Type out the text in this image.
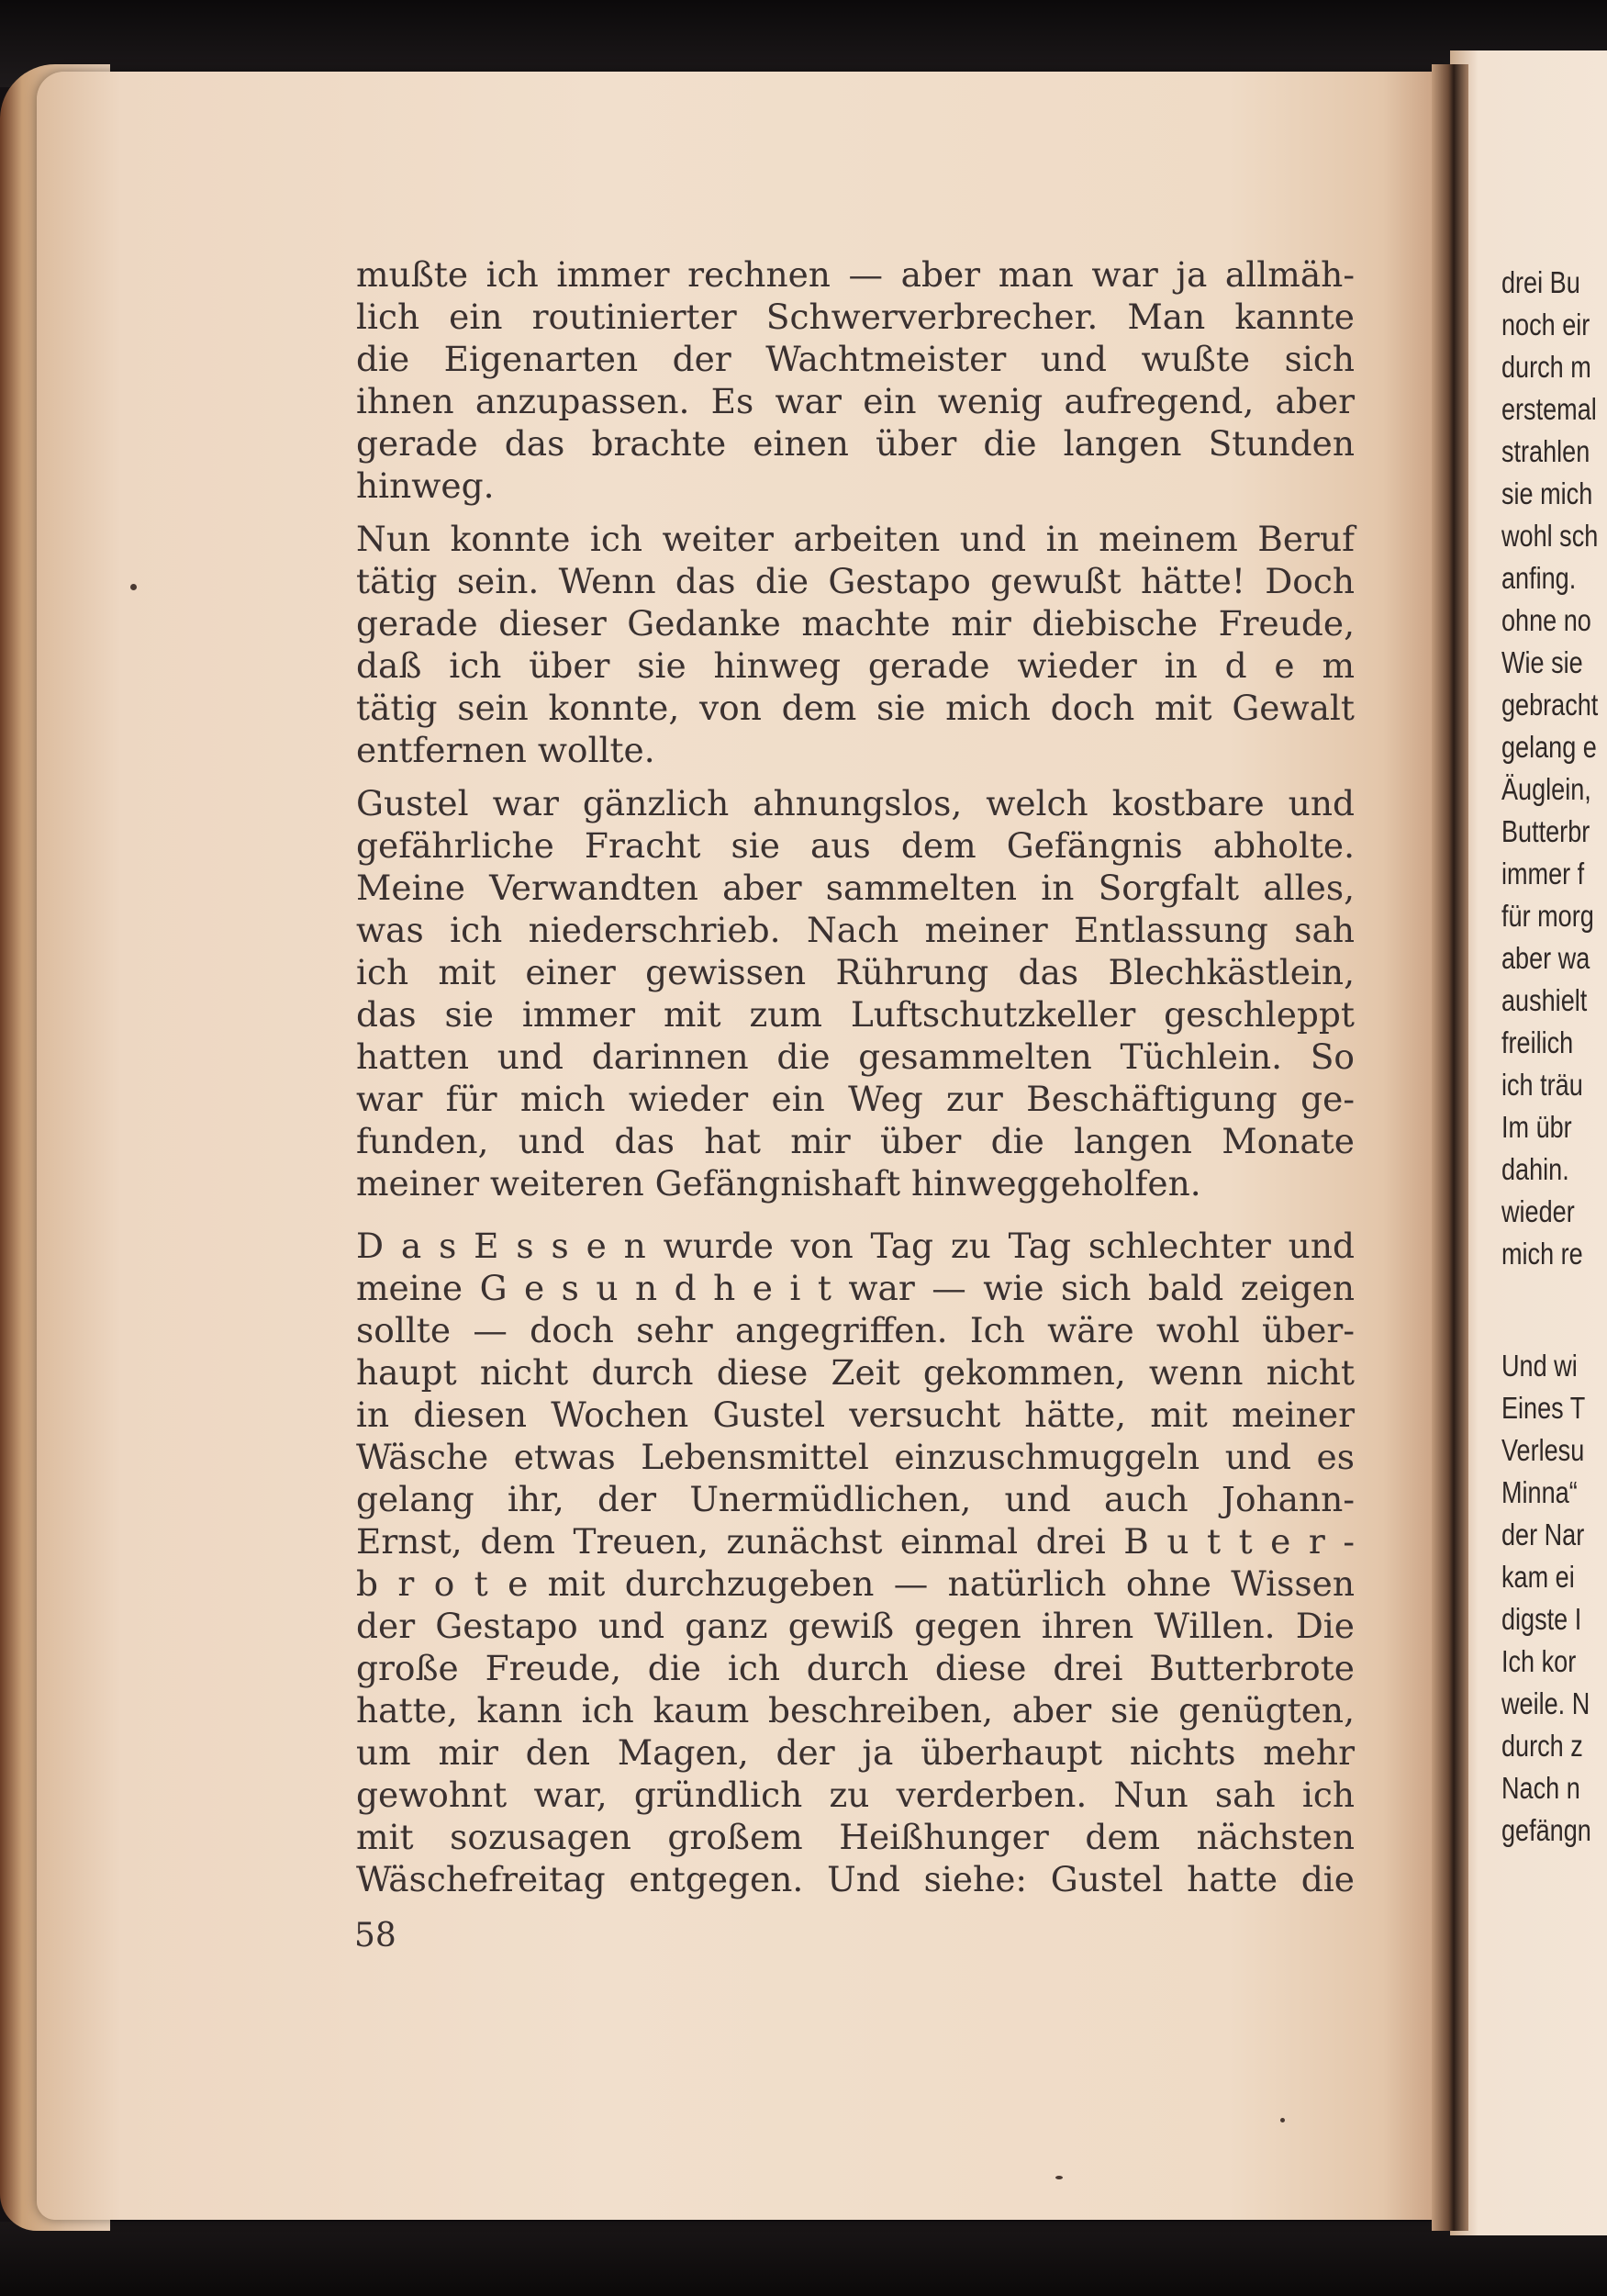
mußte ich immer rechnen — aber man war ja allmäh-
lich ein routinierter Schwerverbrecher. Man kannte
die Eigenarten der Wachtmeister und wußte sich
ihnen anzupassen. Es war ein wenig aufregend, aber
gerade das brachte einen über die langen Stunden
hinweg.
Nun konnte ich weiter arbeiten und in meinem Beruf
tätig sein. Wenn das die Gestapo gewußt hätte! Doch
gerade dieser Gedanke machte mir diebische Freude,
daß ich über sie hinweg gerade wieder in d e m
tätig sein konnte, von dem sie mich doch mit Gewalt
entfernen wollte.
Gustel war gänzlich ahnungslos, welch kostbare und
gefährliche Fracht sie aus dem Gefängnis abholte.
Meine Verwandten aber sammelten in Sorgfalt alles,
was ich niederschrieb. Nach meiner Entlassung sah
ich mit einer gewissen Rührung das Blechkästlein,
das sie immer mit zum Luftschutzkeller geschleppt
hatten und darinnen die gesammelten Tüchlein. So
war für mich wieder ein Weg zur Beschäftigung ge-
funden, und das hat mir über die langen Monate
meiner weiteren Gefängnishaft hinweggeholfen.
D a s E s s e n wurde von Tag zu Tag schlechter und
meine G e s u n d h e i t war — wie sich bald zeigen
sollte — doch sehr angegriffen. Ich wäre wohl über-
haupt nicht durch diese Zeit gekommen, wenn nicht
in diesen Wochen Gustel versucht hätte, mit meiner
Wäsche etwas Lebensmittel einzuschmuggeln und es
gelang ihr, der Unermüdlichen, und auch Johann-
Ernst, dem Treuen, zunächst einmal drei B u t t e r -
b r o t e mit durchzugeben — natürlich ohne Wissen
der Gestapo und ganz gewiß gegen ihren Willen. Die
große Freude, die ich durch diese drei Butterbrote
hatte, kann ich kaum beschreiben, aber sie genügten,
um mir den Magen, der ja überhaupt nichts mehr
gewohnt war, gründlich zu verderben. Nun sah ich
mit sozusagen großem Heißhunger dem nächsten
Wäschefreitag entgegen. Und siehe: Gustel hatte die
58
drei Bu
noch eir
durch m
erstemal
strahlen
sie mich
wohl sch
anfing.
ohne no
Wie sie
gebracht
gelang e
Äuglein,
Butterbr
immer f
für morg
aber wa
aushielt
freilich
ich träu
Im übr
dahin.
wieder
mich re
Und wi
Eines T
Verlesu
Minna“
der Nar
kam ei
digste I
Ich kor
weile. N
durch z
Nach n
gefängn
